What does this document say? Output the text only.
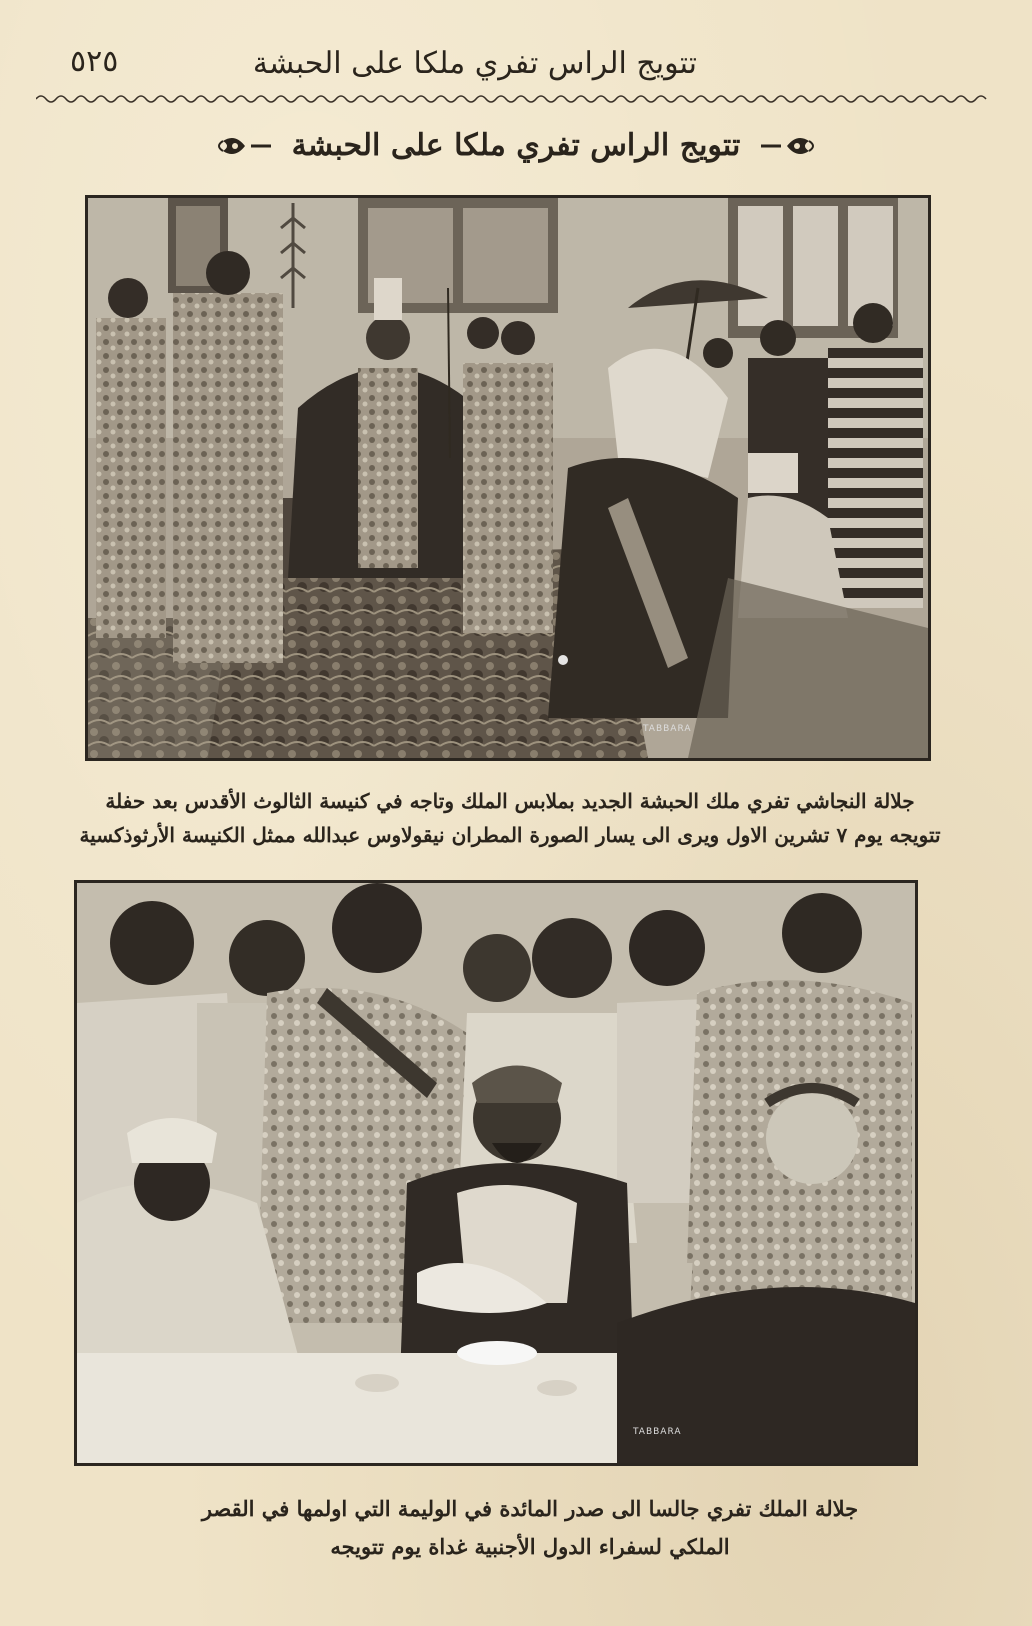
تتويج الراس تفري ملكا على الحبشة
٥٢٥
تتويج الراس تفري ملكا على الحبشة
TABBARA
جلالة النجاشي تفري ملك الحبشة الجديد بملابس الملك وتاجه في كنيسة الثالوث الأقدس بعد حفلة
تتويجه يوم ٧ تشرين الاول ويرى الى يسار الصورة المطران نيقولاوس عبدالله ممثل الكنيسة الأرثوذكسية
TABBARA
جلالة الملك تفري جالسا الى صدر المائدة في الوليمة التي اولمها في القصر
الملكي لسفراء الدول الأجنبية غداة يوم تتويجه
